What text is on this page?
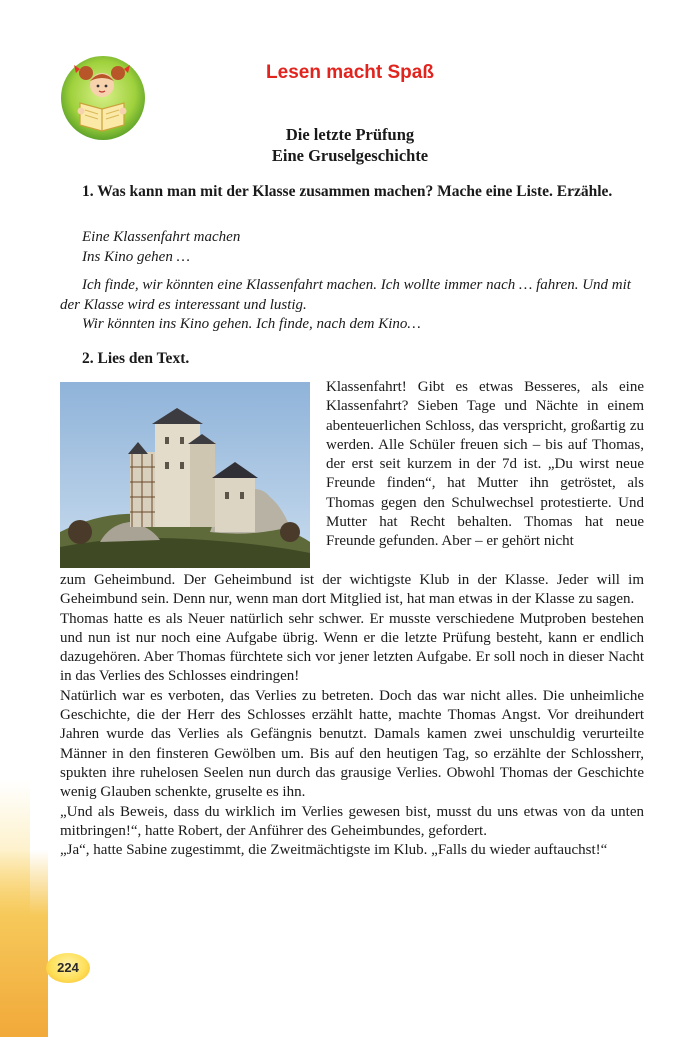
Lesen macht Spaß
Die letzte Prüfung
Eine Gruselgeschichte
1. Was kann man mit der Klasse zusammen machen? Mache eine Liste. Erzähle.
Eine Klassenfahrt machen
Ins Kino gehen …
Ich finde, wir könnten eine Klassenfahrt machen. Ich wollte immer nach … fahren. Und mit der Klasse wird es interessant und lustig.
Wir könnten ins Kino gehen. Ich finde, nach dem Kino…
2. Lies den Text.
Klassenfahrt! Gibt es etwas Besseres, als eine Klassenfahrt? Sieben Tage und Nächte in einem abenteuerlichen Schloss, das verspricht, großartig zu werden. Alle Schüler freuen sich – bis auf Thomas, der erst seit kurzem in der 7d ist. „Du wirst neue Freunde finden“, hat Mutter ihn getröstet, als Thomas gegen den Schulwechsel protestierte. Und Mutter hat Recht behalten. Thomas hat neue Freunde gefunden. Aber – er gehört nicht

zum Geheimbund. Der Geheimbund ist der wichtigste Klub in der Klasse. Jeder will im Geheimbund sein. Denn nur, wenn man dort Mitglied ist, hat man etwas in der Klasse zu sagen.

Thomas hatte es als Neuer natürlich sehr schwer. Er musste verschiedene Mutproben bestehen und nun ist nur noch eine Aufgabe übrig. Wenn er die letzte Prüfung besteht, kann er endlich dazugehören. Aber Thomas fürchtete sich vor jener letzten Aufgabe. Er soll noch in dieser Nacht in das Verlies des Schlosses eindringen!

Natürlich war es verboten, das Verlies zu betreten. Doch das war nicht alles. Die unheimliche Geschichte, die der Herr des Schlosses erzählt hatte, machte Thomas Angst. Vor dreihundert Jahren wurde das Verlies als Gefängnis benutzt. Damals kamen zwei unschuldig verurteilte Männer in den finsteren Gewölben um. Bis auf den heutigen Tag, so erzählte der Schlossherr, spukten ihre ruhelosen Seelen nun durch das grausige Verlies. Obwohl Thomas der Geschichte wenig Glauben schenkte, gruselte es ihn.

„Und als Beweis, dass du wirklich im Verlies gewesen bist, musst du uns etwas von da unten mitbringen!“, hatte Robert, der Anführer des Geheimbundes, gefordert.

„Ja“, hatte Sabine zugestimmt, die Zweitmächtigste im Klub. „Falls du wieder auftauchst!“

224
